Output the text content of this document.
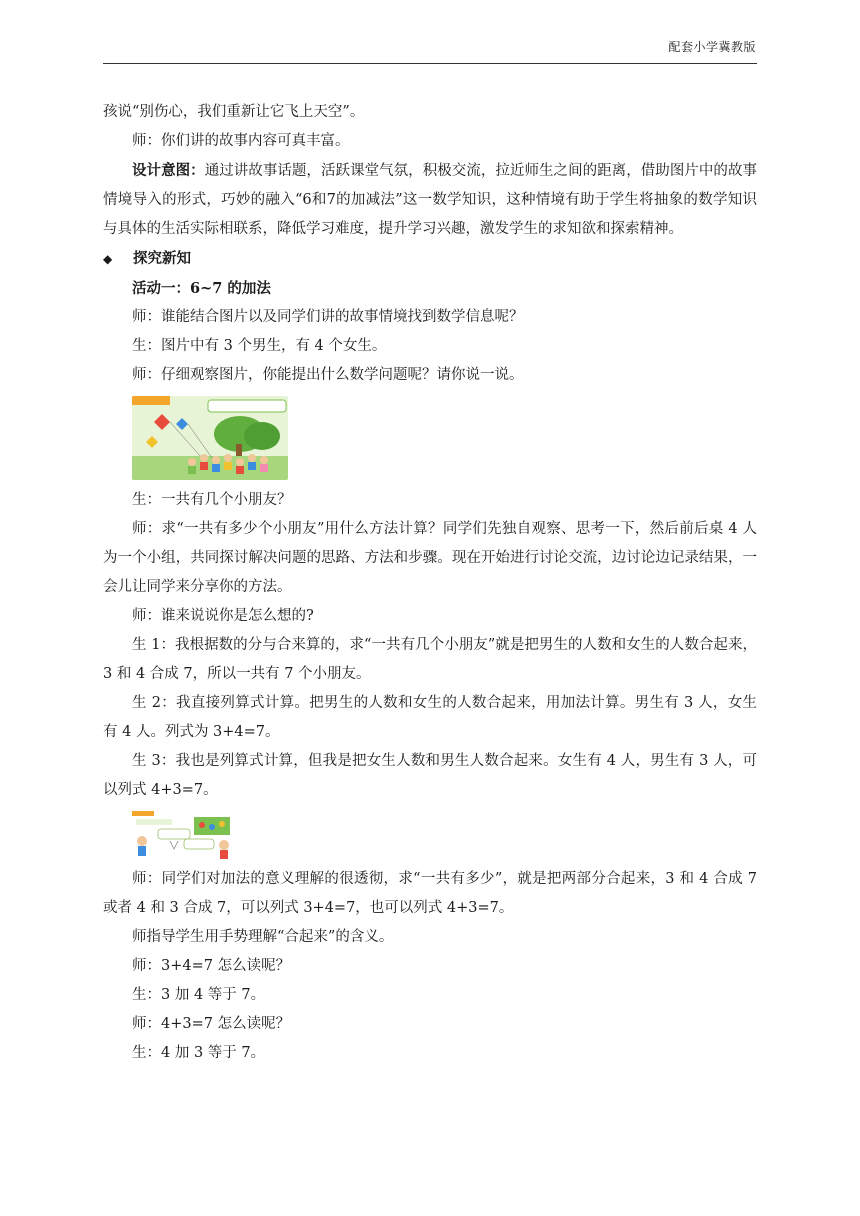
配套小学冀教版

孩说“别伤心，我们重新让它飞上天空”。

师：你们讲的故事内容可真丰富。

设计意图：通过讲故事话题，活跃课堂气氛，积极交流，拉近师生之间的距离，借助图片中的故事情境导入的形式，巧妙的融入“6和7的加减法”这一数学知识，这种情境有助于学生将抽象的数学知识与具体的生活实际相联系，降低学习难度，提升学习兴趣，激发学生的求知欲和探索精神。

◆ 探究新知

活动一：6~7 的加法

师：谁能结合图片以及同学们讲的故事情境找到数学信息呢？

生：图片中有 3 个男生，有 4 个女生。

师：仔细观察图片，你能提出什么数学问题呢？请你说一说。

生：一共有几个小朋友？

师：求“一共有多少个小朋友”用什么方法计算？同学们先独自观察、思考一下，然后前后桌 4 人为一个小组，共同探讨解决问题的思路、方法和步骤。现在开始进行讨论交流，边讨论边记录结果，一会儿让同学来分享你的方法。

师：谁来说说你是怎么想的?

生 1：我根据数的分与合来算的，求“一共有几个小朋友”就是把男生的人数和女生的人数合起来，3 和 4 合成 7，所以一共有 7 个小朋友。

生 2：我直接列算式计算。把男生的人数和女生的人数合起来，用加法计算。男生有 3 人，女生有 4 人。列式为 3+4=7。

生 3：我也是列算式计算，但我是把女生人数和男生人数合起来。女生有 4 人，男生有 3 人，可以列式 4+3=7。

师：同学们对加法的意义理解的很透彻，求“一共有多少”，就是把两部分合起来，3 和 4 合成 7 或者 4 和 3 合成 7，可以列式 3+4=7，也可以列式 4+3=7。

师指导学生用手势理解“合起来”的含义。

师：3+4=7 怎么读呢？

生：3 加 4 等于 7。

师：4+3=7 怎么读呢？

生：4 加 3 等于 7。
